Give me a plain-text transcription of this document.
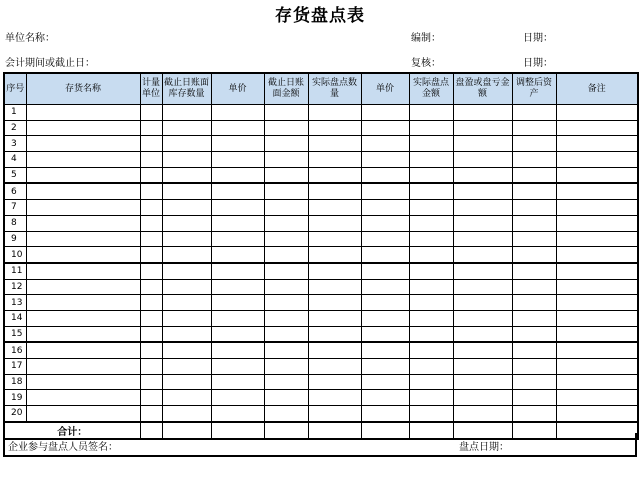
存货盘点表
单位名称：	编制：	日期：
会计期间或截止日：	复核：	日期：
序号	存货名称	计量单位	截止日账面库存数量	单价	截止日账面金额	实际盘点数量	单价	实际盘点金额	盘盈或盘亏金额	调整后资产	备注
1											
2											
3											
4											
5											
6											
7											
8											
9											
10											
11											
12											
13											
14											
15											
16											
17											
18											
19											
20											
合计：											
企业参与盘点人员签名：	盘点日期：
